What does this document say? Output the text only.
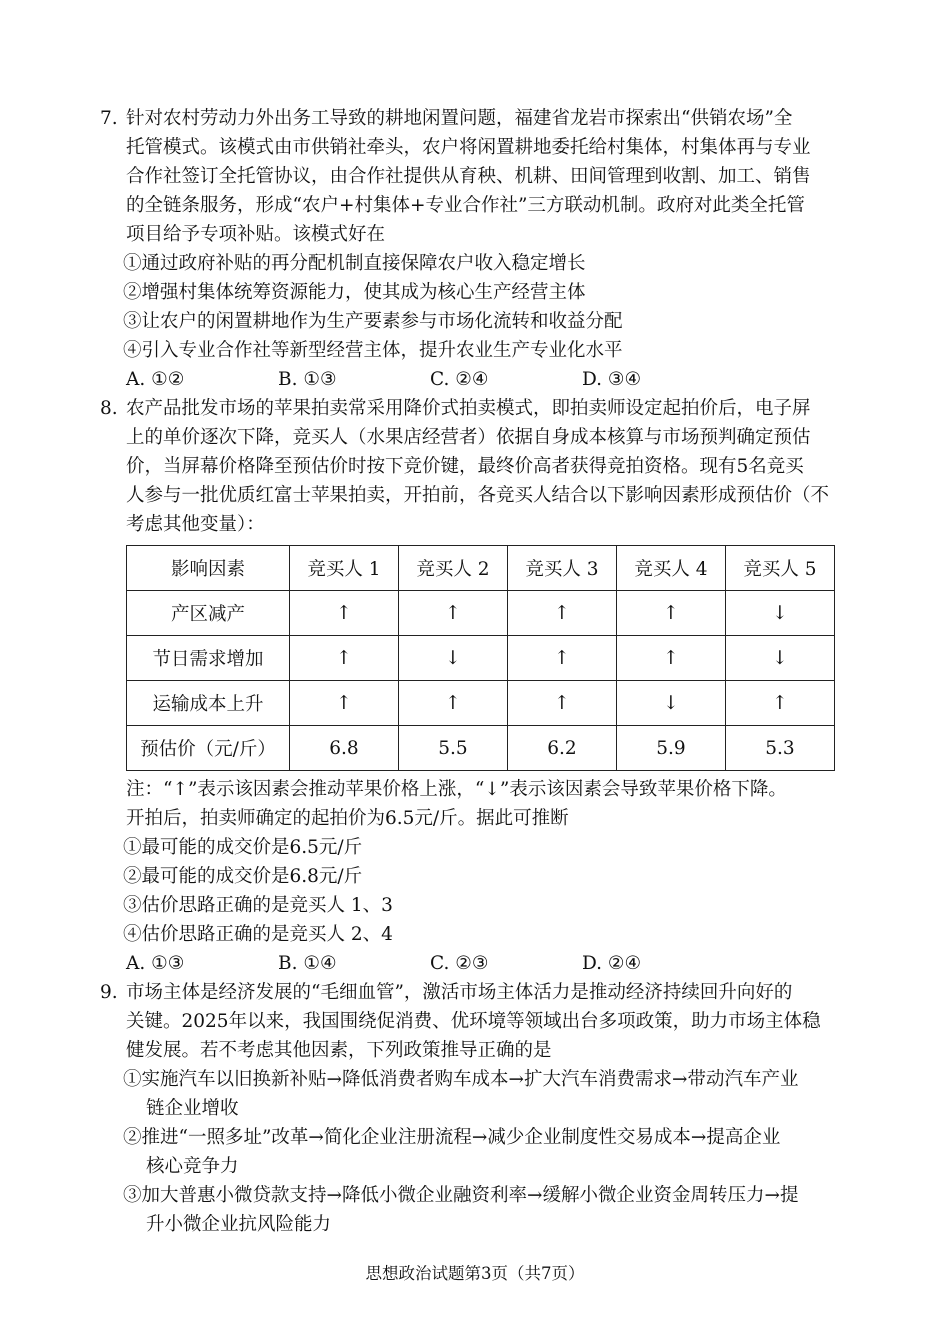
7. 针对农村劳动力外出务工导致的耕地闲置问题，福建省龙岩市探索出“供销农场”全

托管模式。该模式由市供销社牵头，农户将闲置耕地委托给村集体，村集体再与专业

合作社签订全托管协议，由合作社提供从育秧、机耕、田间管理到收割、加工、销售

的全链条服务，形成“农户+村集体+专业合作社”三方联动机制。政府对此类全托管

项目给予专项补贴。该模式好在

①通过政府补贴的再分配机制直接保障农户收入稳定增长

②增强村集体统筹资源能力，使其成为核心生产经营主体

③让农户的闲置耕地作为生产要素参与市场化流转和收益分配

④引入专业合作社等新型经营主体，提升农业生产专业化水平

A. ①②	B. ①③	C. ②④	D. ③④

8. 农产品批发市场的苹果拍卖常采用降价式拍卖模式，即拍卖师设定起拍价后，电子屏

上的单价逐次下降，竞买人（水果店经营者）依据自身成本核算与市场预判确定预估

价，当屏幕价格降至预估价时按下竞价键，最终价高者获得竞拍资格。现有5名竞买

人参与一批优质红富士苹果拍卖，开拍前，各竞买人结合以下影响因素形成预估价（不

考虑其他变量）：

影响因素	竞买人 1	竞买人 2	竞买人 3	竞买人 4	竞买人 5
产区减产	↑	↑	↑	↑	↓
节日需求增加	↑	↓	↑	↑	↓
运输成本上升	↑	↑	↑	↓	↑
预估价（元/斤）	6.8	5.5	6.2	5.9	5.3

注：“↑”表示该因素会推动苹果价格上涨，“↓”表示该因素会导致苹果价格下降。

开拍后，拍卖师确定的起拍价为6.5元/斤。据此可推断

①最可能的成交价是6.5元/斤

②最可能的成交价是6.8元/斤

③估价思路正确的是竞买人 1、3

④估价思路正确的是竞买人 2、4

A. ①③	B. ①④	C. ②③	D. ②④

9. 市场主体是经济发展的“毛细血管”，激活市场主体活力是推动经济持续回升向好的

关键。2025年以来，我国围绕促消费、优环境等领域出台多项政策，助力市场主体稳

健发展。若不考虑其他因素，下列政策推导正确的是

①实施汽车以旧换新补贴→降低消费者购车成本→扩大汽车消费需求→带动汽车产业

链企业增收

②推进“一照多址”改革→简化企业注册流程→减少企业制度性交易成本→提高企业

核心竞争力

③加大普惠小微贷款支持→降低小微企业融资利率→缓解小微企业资金周转压力→提

升小微企业抗风险能力

思想政治试题第3页（共7页）
